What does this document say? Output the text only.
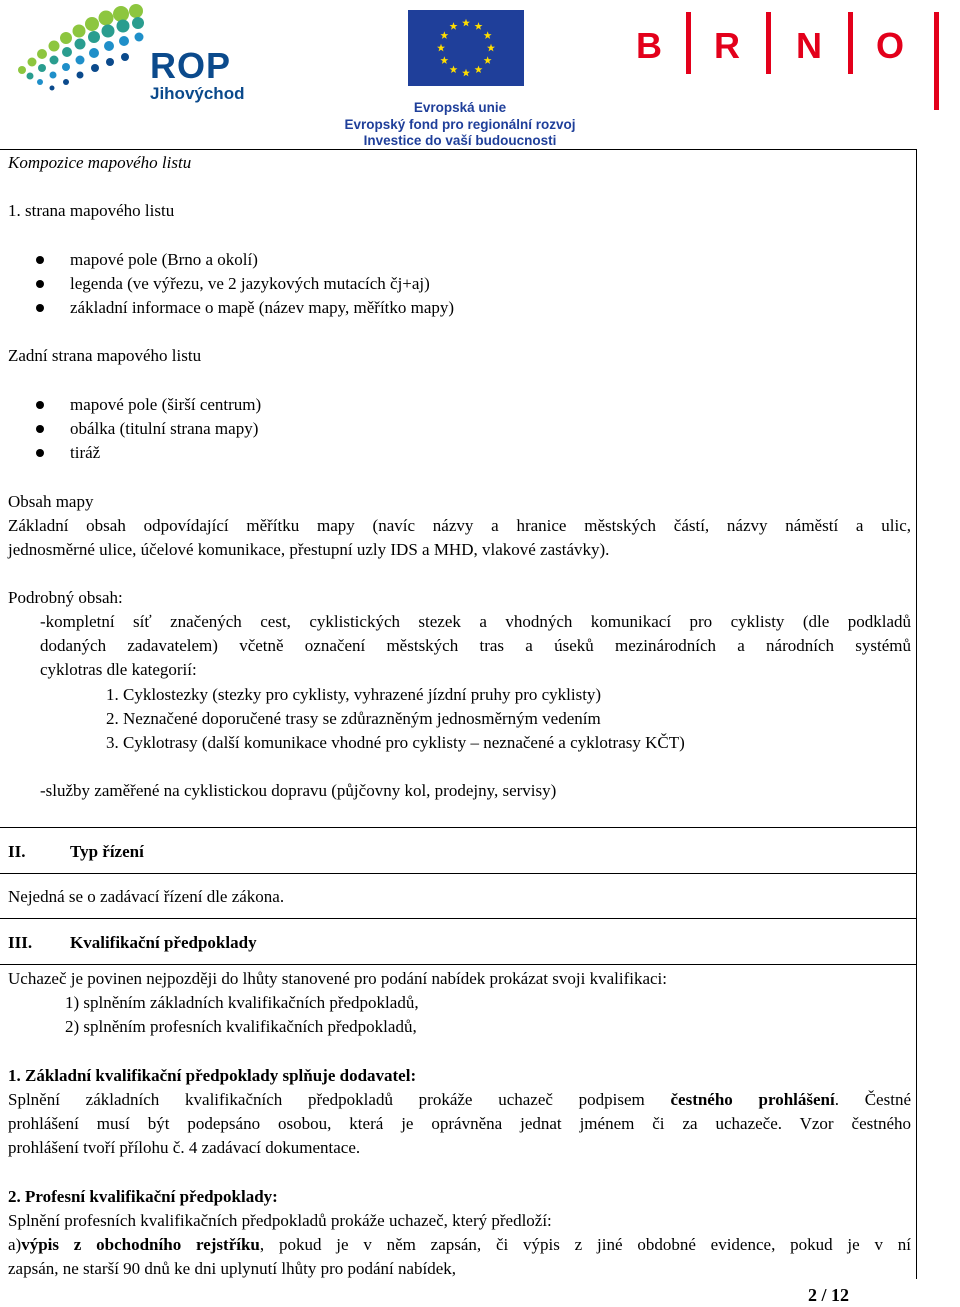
ROP
Jihovýchod
Evropská unie
Evropský fond pro regionální rozvoj
Investice do vaší budoucnosti
B R N O
Kompozice mapového listu
1. strana mapového listu
mapové pole (Brno a okolí)
legenda (ve výřezu, ve 2 jazykových mutacích čj+aj)
základní informace o mapě (název mapy, měřítko mapy)
Zadní strana mapového listu
mapové pole (širší centrum)
obálka (titulní strana mapy)
tiráž
Obsah mapy
Základní obsah odpovídající měřítku mapy (navíc názvy a hranice městských částí, názvy náměstí a ulic,
jednosměrné ulice, účelové komunikace, přestupní uzly IDS a MHD, vlakové zastávky).
Podrobný obsah:
-kompletní síť značených cest, cyklistických stezek a vhodných komunikací pro cyklisty (dle podkladů
dodaných zadavatelem) včetně označení městských tras a úseků mezinárodních a národních systémů
cyklotras dle kategorií:
1. Cyklostezky (stezky pro cyklisty, vyhrazené jízdní pruhy pro cyklisty)
2. Neznačené doporučené trasy se zdůrazněným jednosměrným vedením
3. Cyklotrasy (další komunikace vhodné pro cyklisty – neznačené a cyklotrasy KČT)
-služby zaměřené na cyklistickou dopravu (půjčovny kol, prodejny, servisy)
II.	Typ řízení
Nejedná se o zadávací řízení dle zákona.
III. Kvalifikační předpoklady
Uchazeč je povinen nejpozději do lhůty stanovené pro podání nabídek prokázat svoji kvalifikaci:
1) splněním základních kvalifikačních předpokladů,
2) splněním profesních kvalifikačních předpokladů,
1. Základní kvalifikační předpoklady splňuje dodavatel:
Splnění základních kvalifikačních předpokladů prokáže uchazeč podpisem čestného prohlášení. Čestné
prohlášení musí být podepsáno osobou, která je oprávněna jednat jménem či za uchazeče. Vzor čestného
prohlášení tvoří přílohu č. 4 zadávací dokumentace.
2. Profesní kvalifikační předpoklady:
Splnění profesních kvalifikačních předpokladů prokáže uchazeč, který předloží:
a)výpis z obchodního rejstříku, pokud je v něm zapsán, či výpis z jiné obdobné evidence, pokud je v ní
zapsán, ne starší 90 dnů ke dni uplynutí lhůty pro podání nabídek,
2 / 12
